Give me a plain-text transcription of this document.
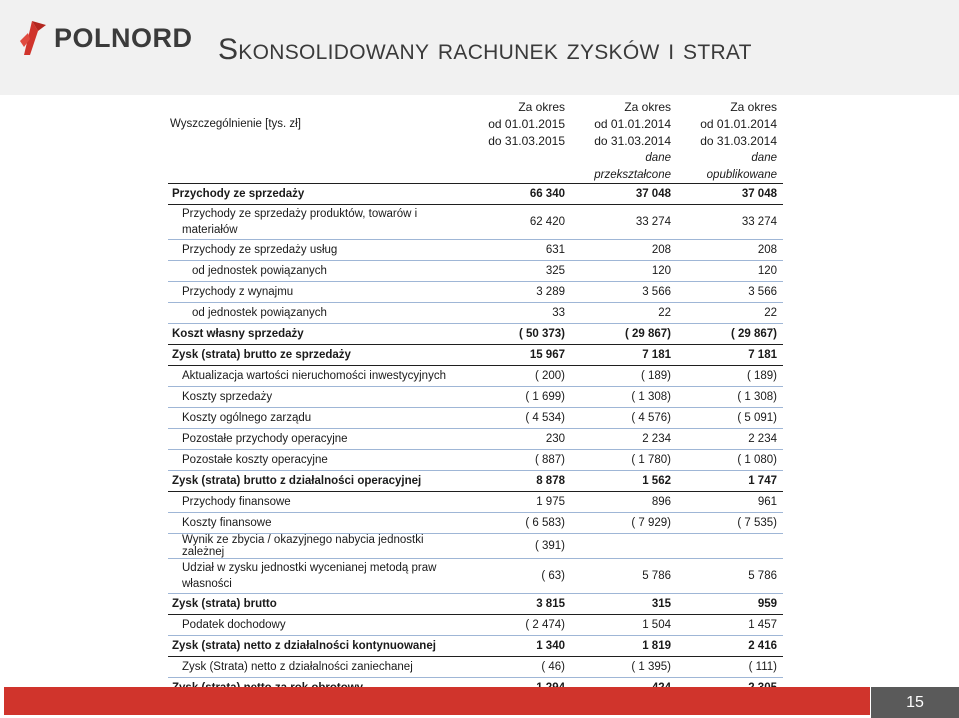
POLNORD Skonsolidowany rachunek zysków i strat
	Za okres	Za okres	Za okres
Wyszczególnienie [tys. zł]	od 01.01.2015	od 01.01.2014	od 01.01.2014
	do 31.03.2015	do 31.03.2014	do 31.03.2014
		dane	dane
		przekształcone	opublikowane
Przychody ze sprzedaży	66 340	37 048	37 048
Przychody ze sprzedaży produktów, towarów i materiałów	62 420	33 274	33 274
Przychody ze sprzedaży usług	631	208	208
od jednostek powiązanych	325	120	120
Przychody z wynajmu	3 289	3 566	3 566
od jednostek powiązanych	33	22	22
Koszt własny sprzedaży	( 50 373)	( 29 867)	( 29 867)
Zysk (strata) brutto ze sprzedaży	15 967	7 181	7 181
Aktualizacja wartości nieruchomości inwestycyjnych	( 200)	( 189)	( 189)
Koszty sprzedaży	( 1 699)	( 1 308)	( 1 308)
Koszty ogólnego zarządu	( 4 534)	( 4 576)	( 5 091)
Pozostałe przychody operacyjne	230	2 234	2 234
Pozostałe koszty operacyjne	( 887)	( 1 780)	( 1 080)
Zysk (strata) brutto z działalności operacyjnej	8 878	1 562	1 747
Przychody finansowe	1 975	896	961
Koszty finansowe	( 6 583)	( 7 929)	( 7 535)
Wynik ze zbycia / okazyjnego nabycia jednostki zależnej	( 391)		
Udział w zysku jednostki wycenianej metodą praw własności	( 63)	5 786	5 786
Zysk (strata) brutto	3 815	315	959
Podatek dochodowy	( 2 474)	1 504	1 457
Zysk (strata) netto z działalności kontynuowanej	1 340	1 819	2 416
Zysk (Strata) netto z działalności zaniechanej	( 46)	( 1 395)	( 111)

15
